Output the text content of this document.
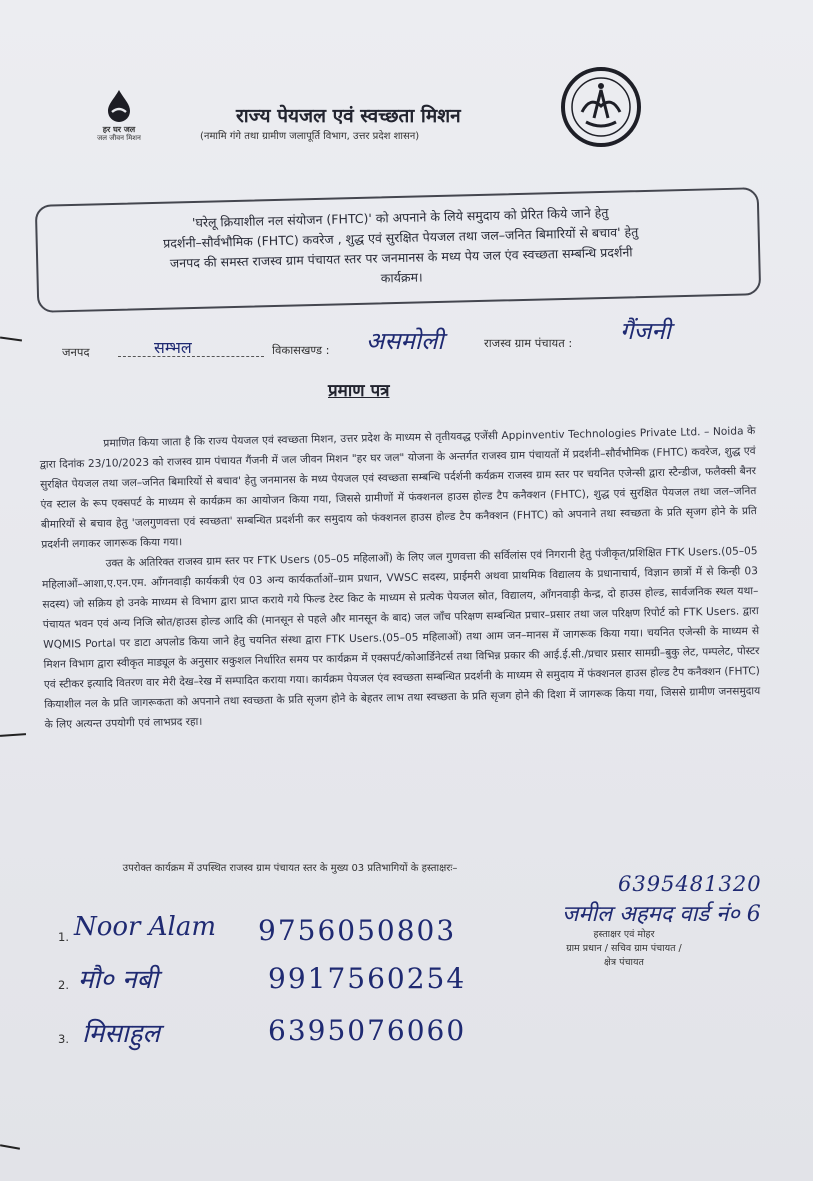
हर घर जल
जल जीवन मिशन
राज्य पेयजल एवं स्वच्छता मिशन
(नमामि गंगे तथा ग्रामीण जलापूर्ति विभाग, उत्तर प्रदेश शासन)
'घरेलू क्रियाशील नल संयोजन (FHTC)' को अपनाने के लिये समुदाय को प्रेरित किये जाने हेतु
प्रदर्शनी–सौर्वभौमिक (FHTC) कवरेज , शुद्ध एवं सुरक्षित पेयजल तथा जल–जनित बिमारियों से बचाव' हेतु
जनपद की समस्त राजस्व ग्राम पंचायत स्तर पर जनमानस के मध्य पेय जल एंव स्वच्छता सम्बन्धि प्रदर्शनी
कार्यक्रम।
जनपद	सम्भल	विकासखण्ड : असमोली	राजस्व ग्राम पंचायत : गैंजनी
प्रमाण पत्र

प्रमाणित किया जाता है कि राज्य पेयजल एवं स्वच्छता मिशन, उत्तर प्रदेश के माध्यम से तृतीयवद्ध एजेंसी Appinventiv Technologies Private Ltd. – Noida के द्वारा दिनांक 23/10/2023 को राजस्व ग्राम पंचायत गैंजनी में जल जीवन मिशन "हर घर जल" योजना के अन्तर्गत राजस्व ग्राम पंचायतों में प्रदर्शनी–सौर्वभौमिक (FHTC) कवरेज, शुद्ध एवं सुरक्षित पेयजल तथा जल–जनित बिमारियों से बचाव' हेतु जनमानस के मध्य पेयजल एवं स्वच्छता सम्बन्धि पर्दर्शनी कर्यक्रम राजस्व ग्राम स्तर पर चयनित एजेन्सी द्वारा स्टैन्डीज, फलैक्सी बैनर एंव स्टाल के रूप एक्सपर्ट के माध्यम से कार्यक्रम का आयोजन किया गया, जिससे ग्रामीणों में फंक्शनल हाउस होल्ड टैप कनैक्शन (FHTC), शुद्ध एवं सुरक्षित पेयजल तथा जल–जनित बीमारियों से बचाव हेतु 'जलगुणवत्ता एवं स्वच्छता' सम्बन्धित प्रदर्शनी कर समुदाय को फंक्शनल हाउस होल्ड टैप कनैक्शन (FHTC) को अपनाने तथा स्वच्छता के प्रति सृजग होने के प्रति प्रदर्शनी लगाकर जागरूक किया गया।

उक्त के अतिरिक्त राजस्व ग्राम स्तर पर FTK Users (05–05 महिलाओं) के लिए जल गुणवत्ता की सर्विलांस एवं निगरानी हेतु पंजीकृत/प्रशिक्षित FTK Users.(05–05 महिलाओं–आशा,ए.एन.एम. आँगनवाड़ी कार्यकत्री एंव 03 अन्य कार्यकर्ताओं–ग्राम प्रधान, VWSC सदस्य, प्राईमरी अथवा प्राथमिक विद्यालय के प्रधानाचार्य, विज्ञान छात्रों में से किन्ही 03 सदस्य) जो सक्रिय हो उनके माध्यम से विभाग द्वारा प्राप्त कराये गये फिल्ड टेस्ट किट के माध्यम से प्रत्येक पेयजल स्रोत, विद्यालय, आँगनवाड़ी केन्द्र, दो हाउस होल्ड, सार्वजनिक स्थल यथा–पंचायत भवन एवं अन्य निजि स्रोत/हाउस होल्ड आदि की (मानसून से पहले और मानसून के बाद) जल जाँच परिक्षण सम्बन्धित प्रचार–प्रसार तथा जल परिक्षण रिपोर्ट को FTK Users. द्वारा WQMIS Portal पर डाटा अपलोड किया जाने हेतु चयनित संस्था द्वारा FTK Users.(05–05 महिलाओं) तथा आम जन–मानस में जागरूक किया गया। चयनित एजेन्सी के माध्यम से मिशन विभाग द्वारा स्वीकृत माड्यूल के अनुसार सकुशल निर्धारित समय पर कार्यक्रम में एक्सपर्ट/कोआर्डिनेटर्स तथा विभिन्न प्रकार की आई.ई.सी./प्रचार प्रसार सामग्री–बुकु लेट, पम्पलेट, पोस्टर एवं स्टीकर इत्यादि वितरण वार मेरी देख–रेख में सम्पादित कराया गया। कार्यक्रम पेयजल एंव स्वच्छता सम्बन्धित प्रदर्शनी के माध्यम से समुदाय में फंक्शनल हाउस होल्ड टैप कनैक्शन (FHTC) कियाशील नल के प्रति जागरूकता को अपनाने तथा स्वच्छता के प्रति सृजग होने के बेहतर लाभ तथा स्वच्छता के प्रति सृजग होने की दिशा में जागरूक किया गया, जिससे ग्रामीण जनसमुदाय के लिए अत्यन्त उपयोगी एवं लाभप्रद रहा।

उपरोक्त कार्यक्रम में उपस्थित राजस्व ग्राम पंचायत स्तर के मुख्य 03 प्रतिभागियों के हस्ताक्षरः–
1. Noor Alam 9756050803
2. मौ० नबी	9917560254
3. मिसाहुल	6395076060
6395481320
जमील अहमद वार्ड नं० 6
हस्ताक्षर एवं मोहर
ग्राम प्रधान / सचिव ग्राम पंचायत /
क्षेत्र पंचायत
